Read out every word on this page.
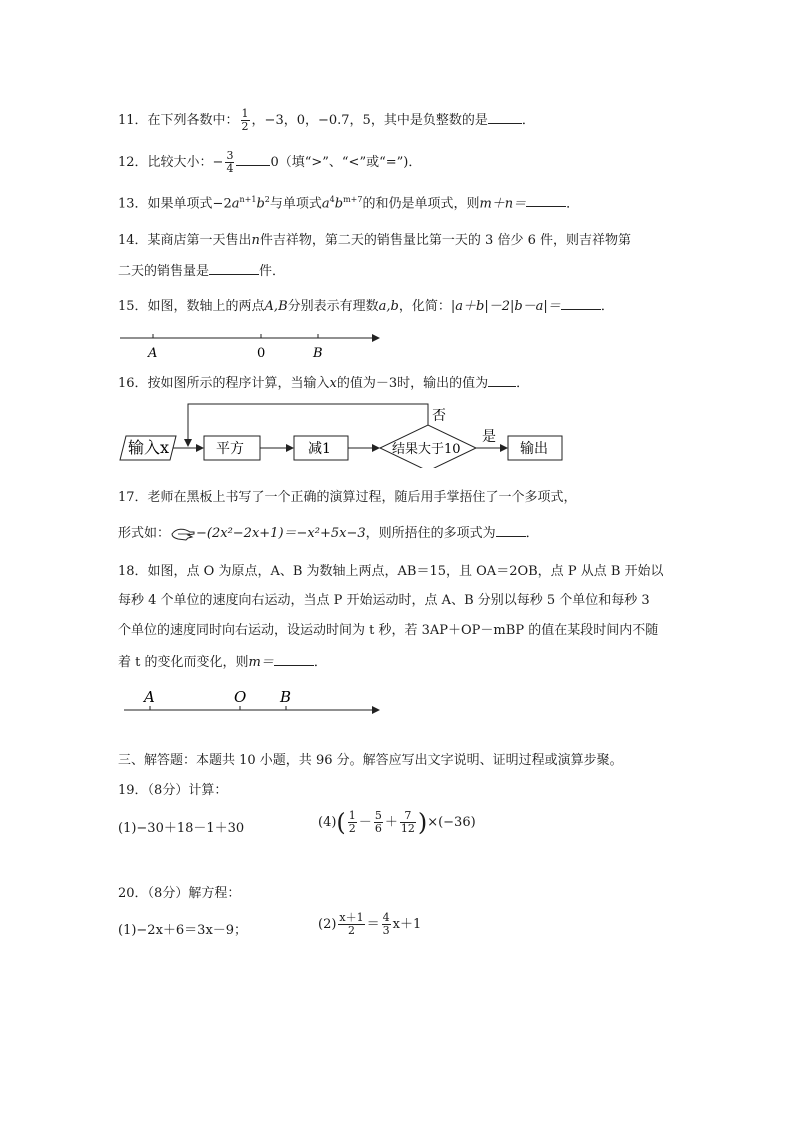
11．在下列各数中： $\frac{1}{2}$ ，−3，0，−0.7，5，其中是负整数的是	．
12．比较大小：− $\frac{3}{4}$	0（填“>”、“<”或“=”)．
13．如果单项式$-2a^{n+1}b^2$与单项式$a^4b^{m+7}$的和仍是单项式，则m＋n＝	．
14．某商店第一天售出n件吉祥物，第二天的销售量比第一天的 3 倍少 6 件，则吉祥物第
二天的销售量是	件．
15．如图，数轴上的两点A,B分别表示有理数a,b，化简：|a＋b|－2|b－a|＝	．
A	0	B
16．按如图所示的程序计算，当输入x的值为－3时，输出的值为 ．
输入x	平方	减1	结果大于10
否
是
输出
17．老师在黑板上书写了一个正确的演算过程，随后用手掌捂住了一个多项式，
形式如： −(2x²−2x+1)＝−x²+5x−3，则所捂住的多项式为 ．
18．如图，点 O 为原点，A、B 为数轴上两点，AB＝15，且 OA＝2OB，点 P 从点 B 开始以
每秒 4 个单位的速度向右运动，当点 P 开始运动时，点 A、B 分别以每秒 5 个单位和每秒 3
个单位的速度同时向右运动，设运动时间为 t 秒，若 3AP＋OP－mBP 的值在某段时间内不随
着 t 的变化而变化，则m＝	．
A	O B
三、解答题：本题共 10 小题，共 96 分。解答应写出文字说明、证明过程或演算步聚。
19．（8分）计算：
(1)−30＋18－1＋30	$(4)( \frac{1}{2} - \frac{5}{6} + \frac{7}{12} )\times(-36)$
20．（8分）解方程：
(1)−2x＋6＝3x－9；	$(2) \frac{x+1}{2} = \frac{4}{3} x+1$
